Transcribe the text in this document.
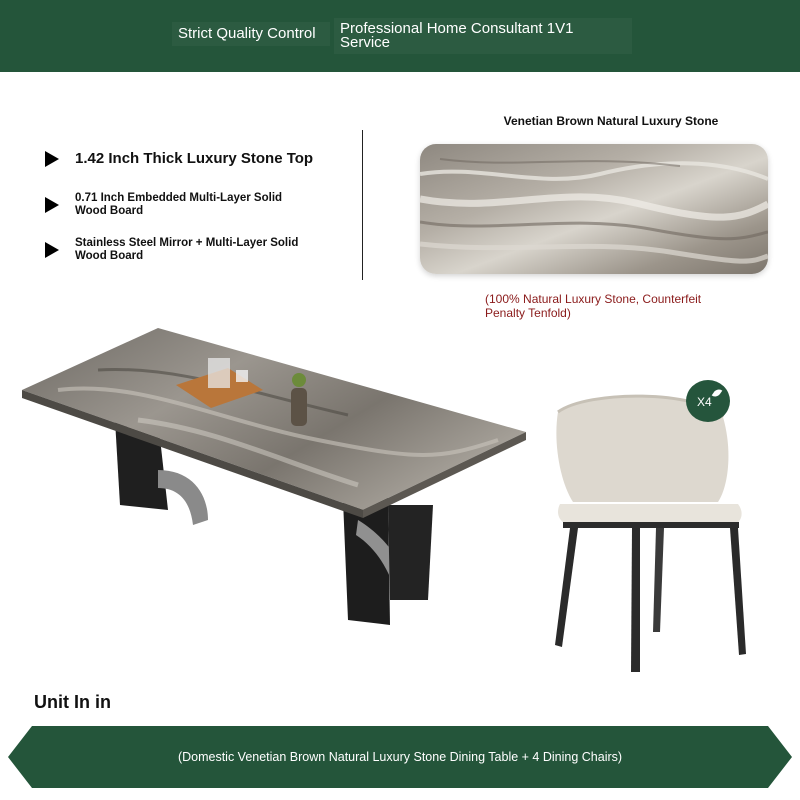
Strict Quality Control	Professional Home Consultant 1V1 Service
1.42 Inch Thick Luxury Stone Top
0.71 Inch Embedded Multi-Layer Solid Wood Board
Stainless Steel Mirror + Multi-Layer Solid Wood Board
Venetian Brown Natural Luxury Stone
(100% Natural Luxury Stone, Counterfeit Penalty Tenfold)
X4
Unit In in
(Domestic Venetian Brown Natural Luxury Stone Dining Table + 4 Dining Chairs)
